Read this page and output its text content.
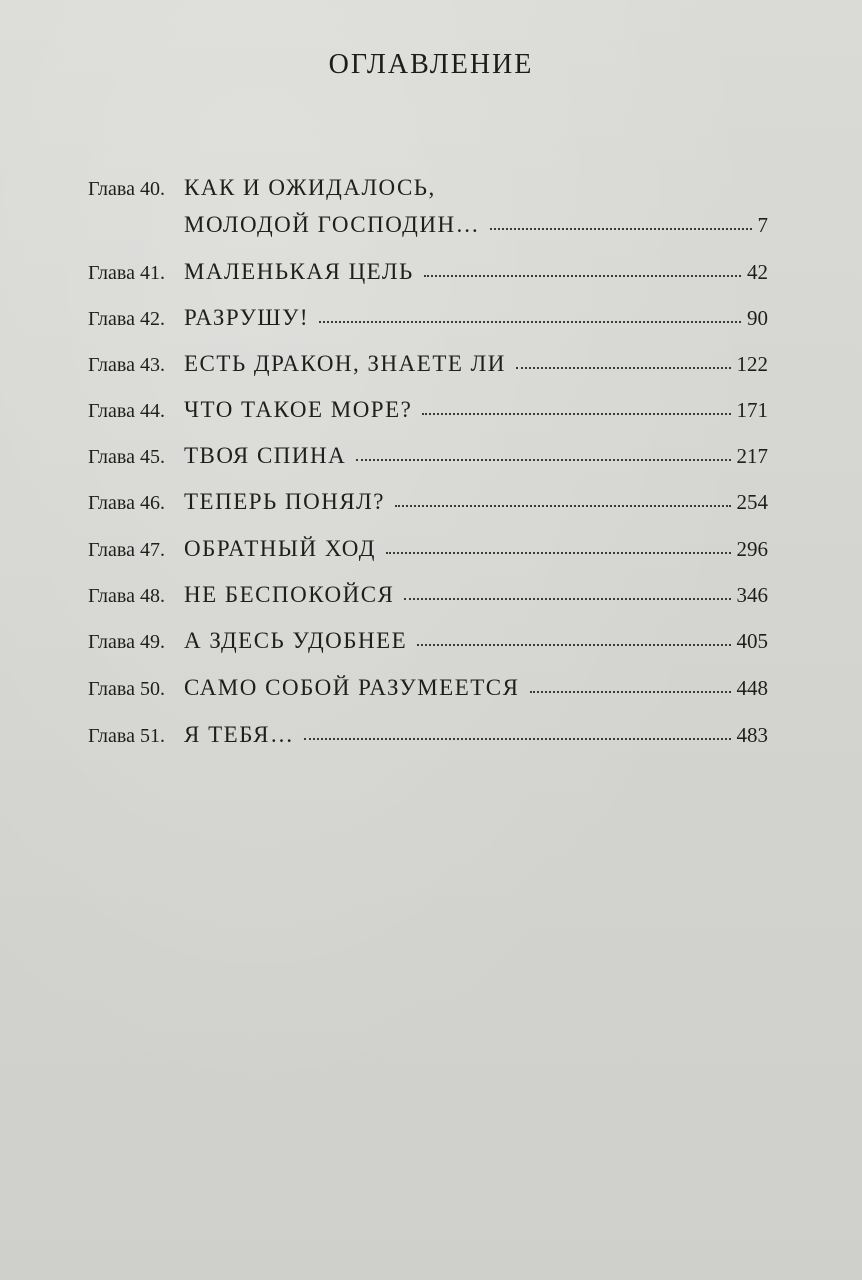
оглавление
Глава 40. КАК И ОЖИДАЛОСЬ,
МОЛОДОЙ ГОСПОДИН…	7
Глава 41. МАЛЕНЬКАЯ ЦЕЛЬ	42
Глава 42. РАЗРУШУ!	90
Глава 43. ЕСТЬ ДРАКОН, ЗНАЕТЕ ЛИ	122
Глава 44. ЧТО ТАКОЕ МОРЕ?	171
Глава 45. ТВОЯ СПИНА	217
Глава 46. ТЕПЕРЬ ПОНЯЛ?	254
Глава 47. ОБРАТНЫЙ ХОД	296
Глава 48. НЕ БЕСПОКОЙСЯ	346
Глава 49. А ЗДЕСЬ УДОБНЕЕ	405
Глава 50. САМО СОБОЙ РАЗУМЕЕТСЯ	448
Глава 51. Я ТЕБЯ…	483
